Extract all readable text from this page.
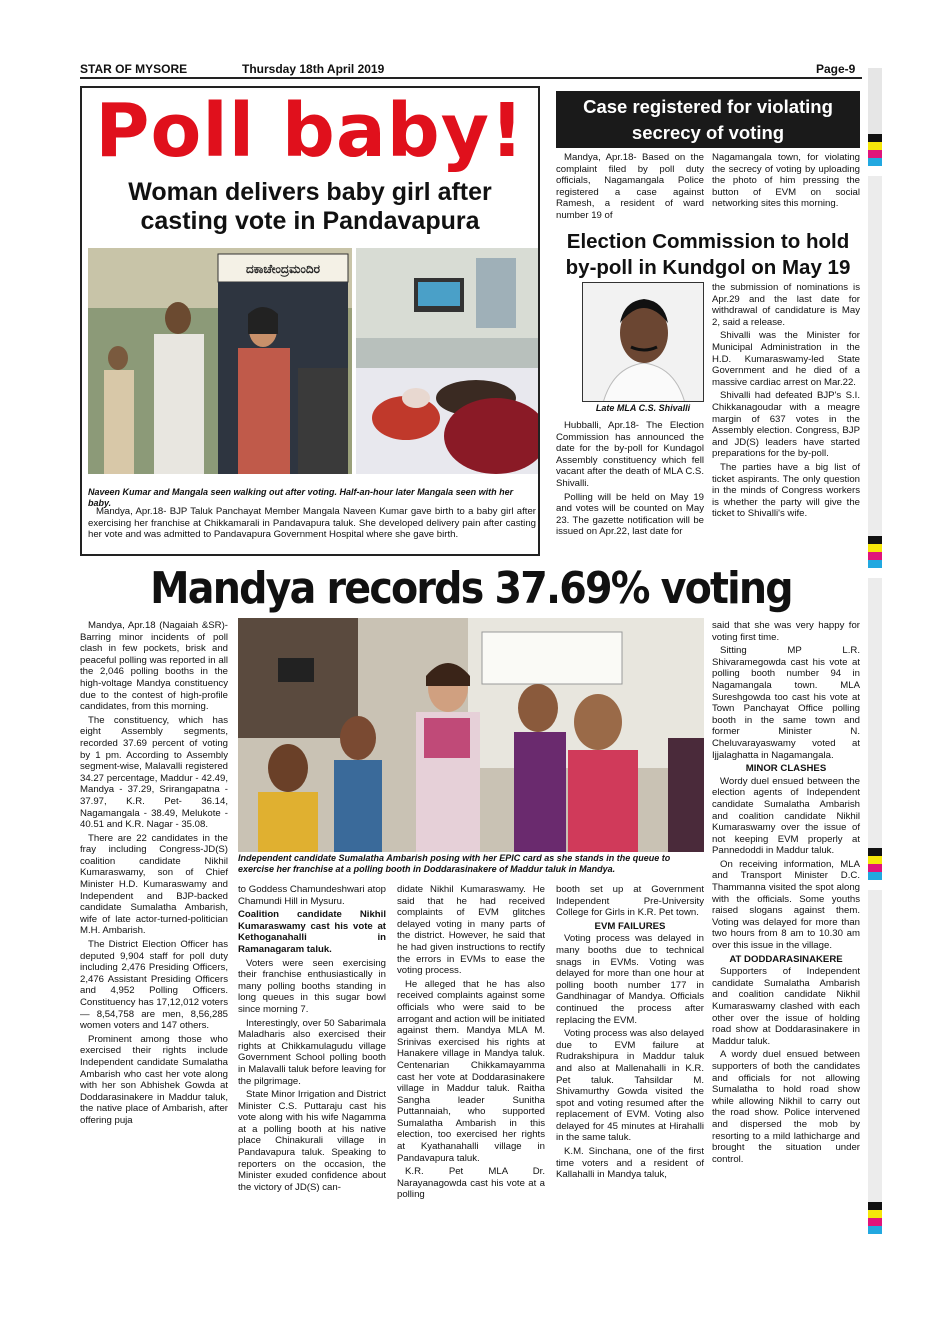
STAR OF MYSORE	Thursday 18th April 2019	Page-9
Poll baby!
Woman delivers baby girl after casting vote in Pandavapura
ದಕಾಚೇಂದ್ರಮಂದಿರ
Naveen Kumar and Mangala seen walking out after voting. Half-an-hour later Mangala seen with her baby.
Mandya, Apr.18- BJP Taluk Panchayat Member Mangala Naveen Kumar gave birth to a baby girl after exercising her franchise at Chikkamarali in Pandavapura taluk. She developed delivery pain after casting her vote and was admitted to Pandavapura Government Hospital where she gave birth.
Case registered for violating secrecy of voting
Mandya, Apr.18- Based on the complaint filed by poll duty officials, Nagamangala Police registered a case against Ramesh, a resident of ward number 19 of
Nagamangala town, for violating the secrecy of voting by uploading the photo of him pressing the button of EVM on social networking sites this morning.
Election Commission to hold by-poll in Kundgol on May 19
Late MLA C.S. Shivalli

Hubballi, Apr.18- The Election Commission has announced the date for the by-poll for Kundagol Assembly constituency which fell vacant after the death of MLA C.S. Shivalli.

Polling will be held on May 19 and votes will be counted on May 23. The gazette notification will be issued on Apr.22, last date for

the submission of nominations is Apr.29 and the last date for withdrawal of candidature is May 2, said a release.

Shivalli was the Minister for Municipal Administration in the H.D. Kumaraswamy-led State Government and he died of a massive cardiac arrest on Mar.22.

Shivalli had defeated BJP's S.I. Chikkanagoudar with a meagre margin of 637 votes in the Assembly election. Congress, BJP and JD(S) leaders have started preparations for the by-poll.

The parties have a big list of ticket aspirants. The only question in the minds of Congress workers is whether the party will give the ticket to Shivalli's wife.

Mandya records 37.69% voting
Independent candidate Sumalatha Ambarish posing with her EPIC card as she stands in the queue to exercise her franchise at a polling booth in Doddarasinakere of Maddur taluk in Mandya.

Mandya, Apr.18 (Nagaiah &SR)- Barring minor incidents of poll clash in few pockets, brisk and peaceful polling was reported in all the 2,046 polling booths in the high-voltage Mandya constituency due to the contest of high-profile candidates, from this morning.

The constituency, which has eight Assembly segments, recorded 37.69 percent of voting by 1 pm. According to Assembly segment-wise, Malavalli registered 34.27 percentage, Maddur - 42.49, Mandya - 37.29, Srirangapatna - 37.97, K.R. Pet- 36.14, Nagamangala - 38.49, Melukote - 40.51 and K.R. Nagar - 35.08.

There are 22 candidates in the fray including Congress-JD(S) coalition candidate Nikhil Kumaraswamy, son of Chief Minister H.D. Kumaraswamy and Independent and BJP-backed candidate Sumalatha Ambarish, wife of late actor-turned-politician M.H. Ambarish.

The District Election Officer has deputed 9,904 staff for poll duty including 2,476 Presiding Officers, 2,476 Assistant Presiding Officers and 4,952 Polling Officers. Constituency has 17,12,012 voters — 8,54,758 are men, 8,56,285 women voters and 147 others.

Prominent among those who exercised their rights include Independent candidate Sumalatha Ambarish who cast her vote along with her son Abhishek Gowda at Doddarasinakere in Maddur taluk, the native place of Ambarish, after offering puja

to Goddess Chamundeshwari atop Chamundi Hill in Mysuru.

Coalition candidate Nikhil Kumaraswamy cast his vote at Kethoganahalli in Ramanagaram taluk.

Voters were seen exercising their franchise enthusiastically in many polling booths standing in long queues in this sugar bowl since morning 7.

Interestingly, over 50 Sabarimala Maladharis also exercised their rights at Chikkamulagudu village Government School polling booth in Malavalli taluk before leaving for the pilgrimage.

State Minor Irrigation and District Minister C.S. Puttaraju cast his vote along with his wife Nagamma at a polling booth at his native place Chinakurali village in Pandavapura taluk. Speaking to reporters on the occasion, the Minister exuded confidence about the victory of JD(S) can-

didate Nikhil Kumaraswamy. He said that he had received complaints of EVM glitches delayed voting in many parts of the district. However, he said that he had given instructions to rectify the errors in EVMs to ease the voting process.

He alleged that he has also received complaints against some officials who were said to be arrogant and action will be initiated against them. Mandya MLA M. Srinivas exercised his rights at Hanakere village in Mandya taluk. Centenarian Chikkamayamma cast her vote at Doddarasinakere village in Maddur taluk. Raitha Sangha leader Sunitha Puttannaiah, who supported Sumalatha Ambarish in this election, too exercised her rights at Kyathanahalli village in Pandavapura taluk.

K.R. Pet MLA Dr. Narayanagowda cast his vote at a polling

booth set up at Government Independent Pre-University College for Girls in K.R. Pet town.

EVM FAILURES

Voting process was delayed in many booths due to technical snags in EVMs. Voting was delayed for more than one hour at polling booth number 177 in Gandhinagar of Mandya. Officials continued the process after replacing the EVM.

Voting process was also delayed due to EVM failure at Rudrakshipura in Maddur taluk and also at Mallenahalli in K.R. Pet taluk. Tahsildar M. Shivamurthy Gowda visited the spot and voting resumed after the replacement of EVM. Voting also delayed for 45 minutes at Hirahalli in the same taluk.

K.M. Sinchana, one of the first time voters and a resident of Kallahalli in Mandya taluk,

said that she was very happy for voting first time.

Sitting MP L.R. Shivaramegowda cast his vote at polling booth number 94 in Nagamangala town. MLA Sureshgowda too cast his vote at Town Panchayat Office polling booth in the same town and former Minister N. Cheluvarayaswamy voted at Ijjalaghatta in Nagamangala.

MINOR CLASHES

Wordy duel ensued between the election agents of Independent candidate Sumalatha Ambarish and coalition candidate Nikhil Kumaraswamy over the issue of not keeping EVM properly at Pannedoddi in Maddur taluk.

On receiving information, MLA and Transport Minister D.C. Thammanna visited the spot along with the officials. Some youths raised slogans against them. Voting was delayed for more than two hours from 8 am to 10.30 am over this issue in the village.

AT DODDARASINAKERE

Supporters of Independent candidate Sumalatha Ambarish and coalition candidate Nikhil Kumaraswamy clashed with each other over the issue of holding road show at Doddarasinakere in Maddur taluk.

A wordy duel ensued between supporters of both the candidates and officials for not allowing Sumalatha to hold road show while allowing Nikhil to carry out the road show. Police intervened and dispersed the mob by resorting to a mild lathicharge and brought the situation under control.
